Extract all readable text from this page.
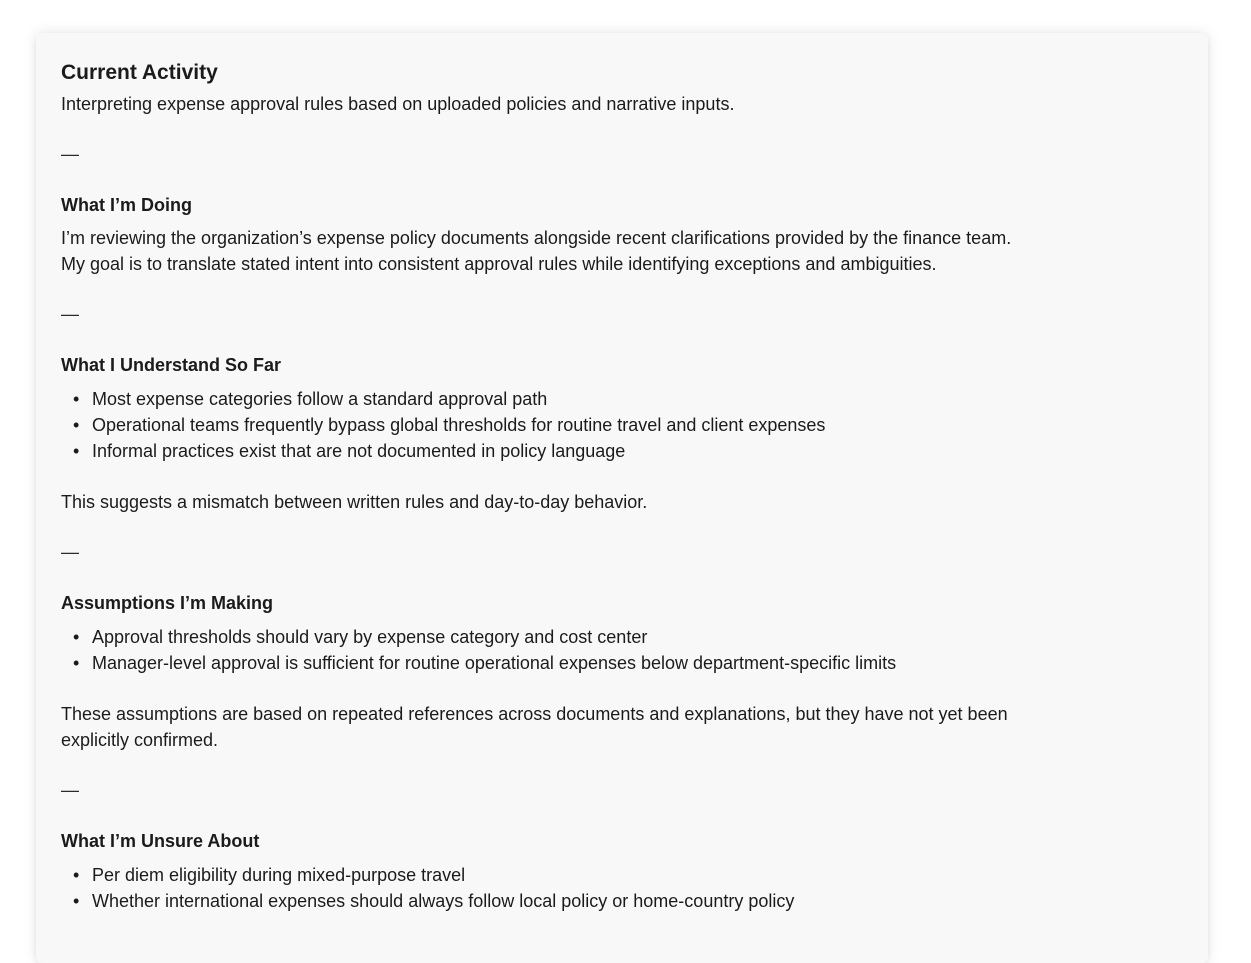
Current Activity

Interpreting expense approval rules based on uploaded policies and narrative inputs.

—

What I’m Doing

I’m reviewing the organization’s expense policy documents alongside recent clarifications provided by the finance team.

My goal is to translate stated intent into consistent approval rules while identifying exceptions and ambiguities.

—

What I Understand So Far

• Most expense categories follow a standard approval path
• Operational teams frequently bypass global thresholds for routine travel and client expenses
• Informal practices exist that are not documented in policy language

This suggests a mismatch between written rules and day-to-day behavior.

—

Assumptions I’m Making

• Approval thresholds should vary by expense category and cost center
• Manager-level approval is sufficient for routine operational expenses below department-specific limits

These assumptions are based on repeated references across documents and explanations, but they have not yet been

explicitly confirmed.

—

What I’m Unsure About

• Per diem eligibility during mixed-purpose travel
• Whether international expenses should always follow local policy or home-country policy
